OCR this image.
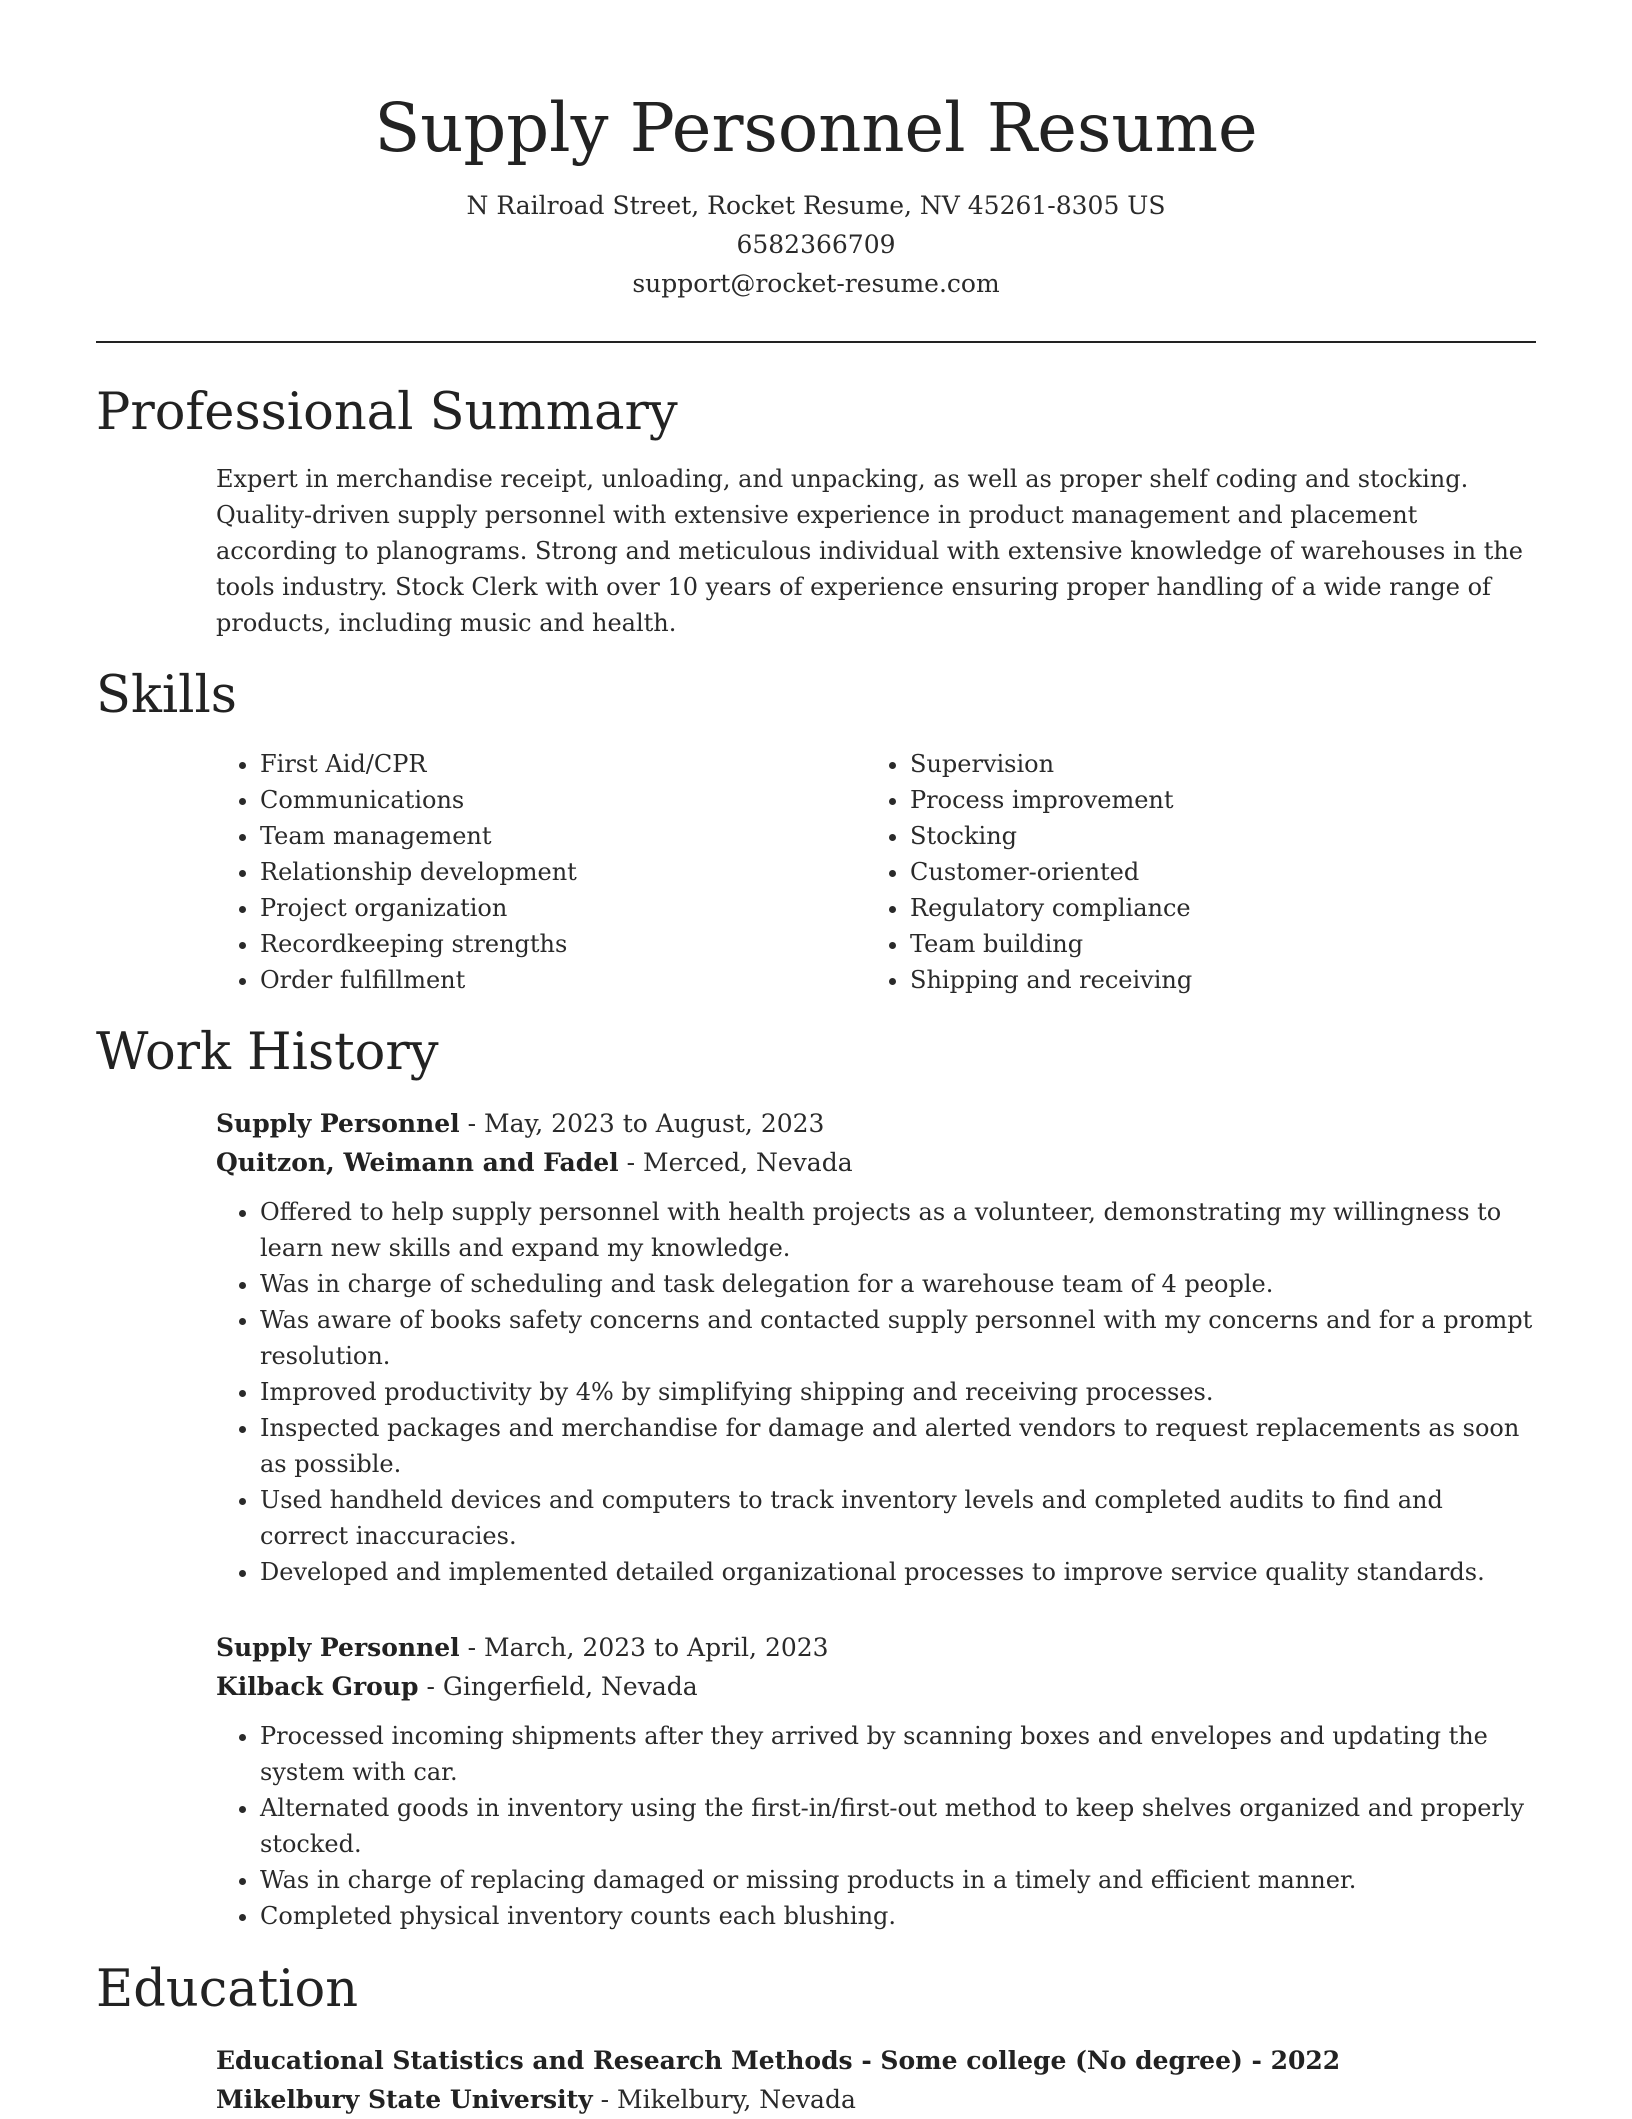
Supply Personnel Resume
N Railroad Street, Rocket Resume, NV 45261-8305 US
6582366709
support@rocket-resume.com
Professional Summary

Expert in merchandise receipt, unloading, and unpacking, as well as proper shelf coding and stocking. Quality-driven supply personnel with extensive experience in product management and placement according to planograms. Strong and meticulous individual with extensive knowledge of warehouses in the tools industry. Stock Clerk with over 10 years of experience ensuring proper handling of a wide range of products, including music and health.

Skills
• First Aid/CPR
• Communications
• Team management
• Relationship development
• Project organization
• Recordkeeping strengths
• Order fulfillment
• Supervision
• Process improvement
• Stocking
• Customer-oriented
• Regulatory compliance
• Team building
• Shipping and receiving
Work History
Supply Personnel - May, 2023 to August, 2023
Quitzon, Weimann and Fadel - Merced, Nevada
• Offered to help supply personnel with health projects as a volunteer, demonstrating my willingness to learn new skills and expand my knowledge.
• Was in charge of scheduling and task delegation for a warehouse team of 4 people.
• Was aware of books safety concerns and contacted supply personnel with my concerns and for a prompt resolution.
• Improved productivity by 4% by simplifying shipping and receiving processes.
• Inspected packages and merchandise for damage and alerted vendors to request replacements as soon as possible.
• Used handheld devices and computers to track inventory levels and completed audits to find and correct inaccuracies.
• Developed and implemented detailed organizational processes to improve service quality standards.
Supply Personnel - March, 2023 to April, 2023
Kilback Group - Gingerfield, Nevada
• Processed incoming shipments after they arrived by scanning boxes and envelopes and updating the system with car.
• Alternated goods in inventory using the first-in/first-out method to keep shelves organized and properly stocked.
• Was in charge of replacing damaged or missing products in a timely and efficient manner.
• Completed physical inventory counts each blushing.
Education
Educational Statistics and Research Methods - Some college (No degree) - 2022
Mikelbury State University - Mikelbury, Nevada
